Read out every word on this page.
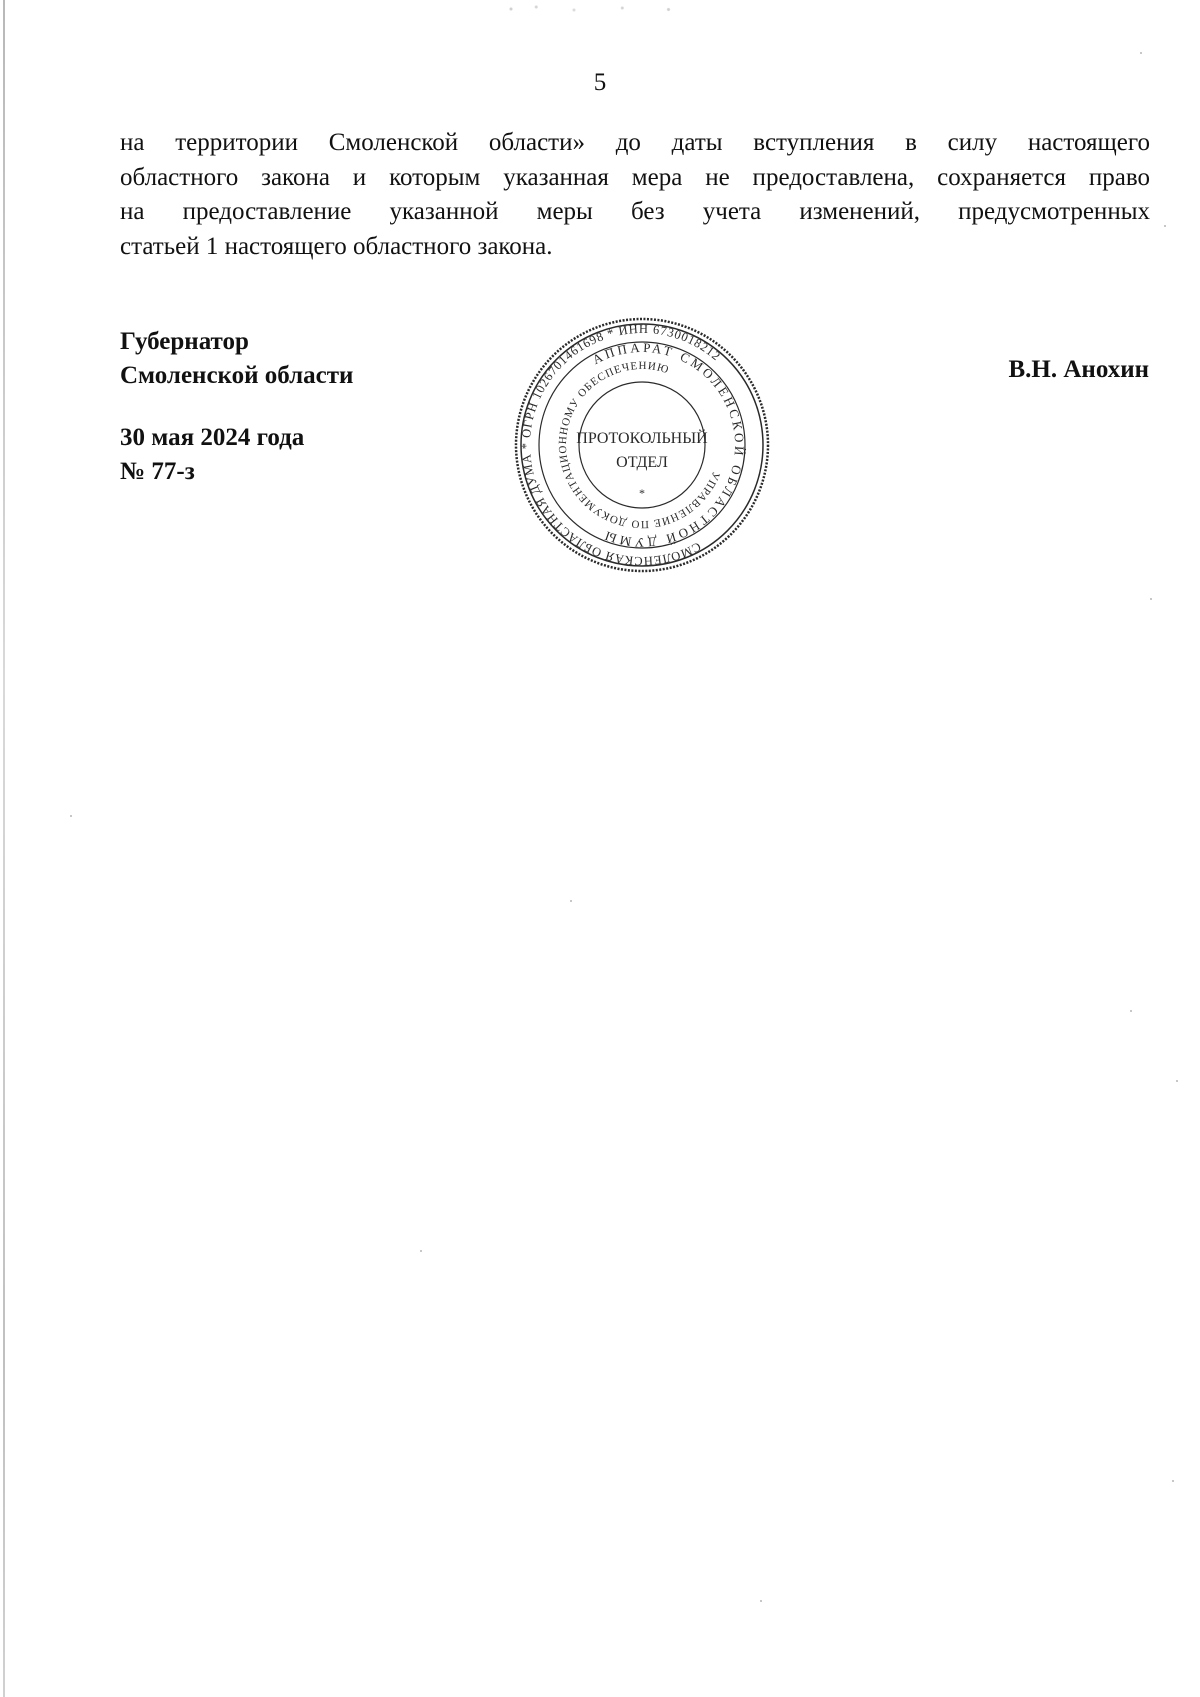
5
на территории Смоленской области» до даты вступления в силу настоящего
областного закона и которым указанная мера не предоставлена, сохраняется право
на предоставление указанной меры без учета изменений, предусмотренных
статьей 1 настоящего областного закона.
Губернатор
Смоленской области	В.Н. Анохин
30 мая 2024 года
№ 77-з
СМОЛЕНСКАЯ ОБЛАСТНАЯ ДУМА * ОГРН 1026701461698 * ИНН 6730018212
АППАРАТ СМОЛЕНСКОЙ ОБЛАСТНОЙ ДУМЫ
УПРАВЛЕНИЕ ПО ДОКУМЕНТАЦИОННОМУ ОБЕСПЕЧЕНИЮ
ПРОТОКОЛЬНЫЙ
ОТДЕЛ
*
